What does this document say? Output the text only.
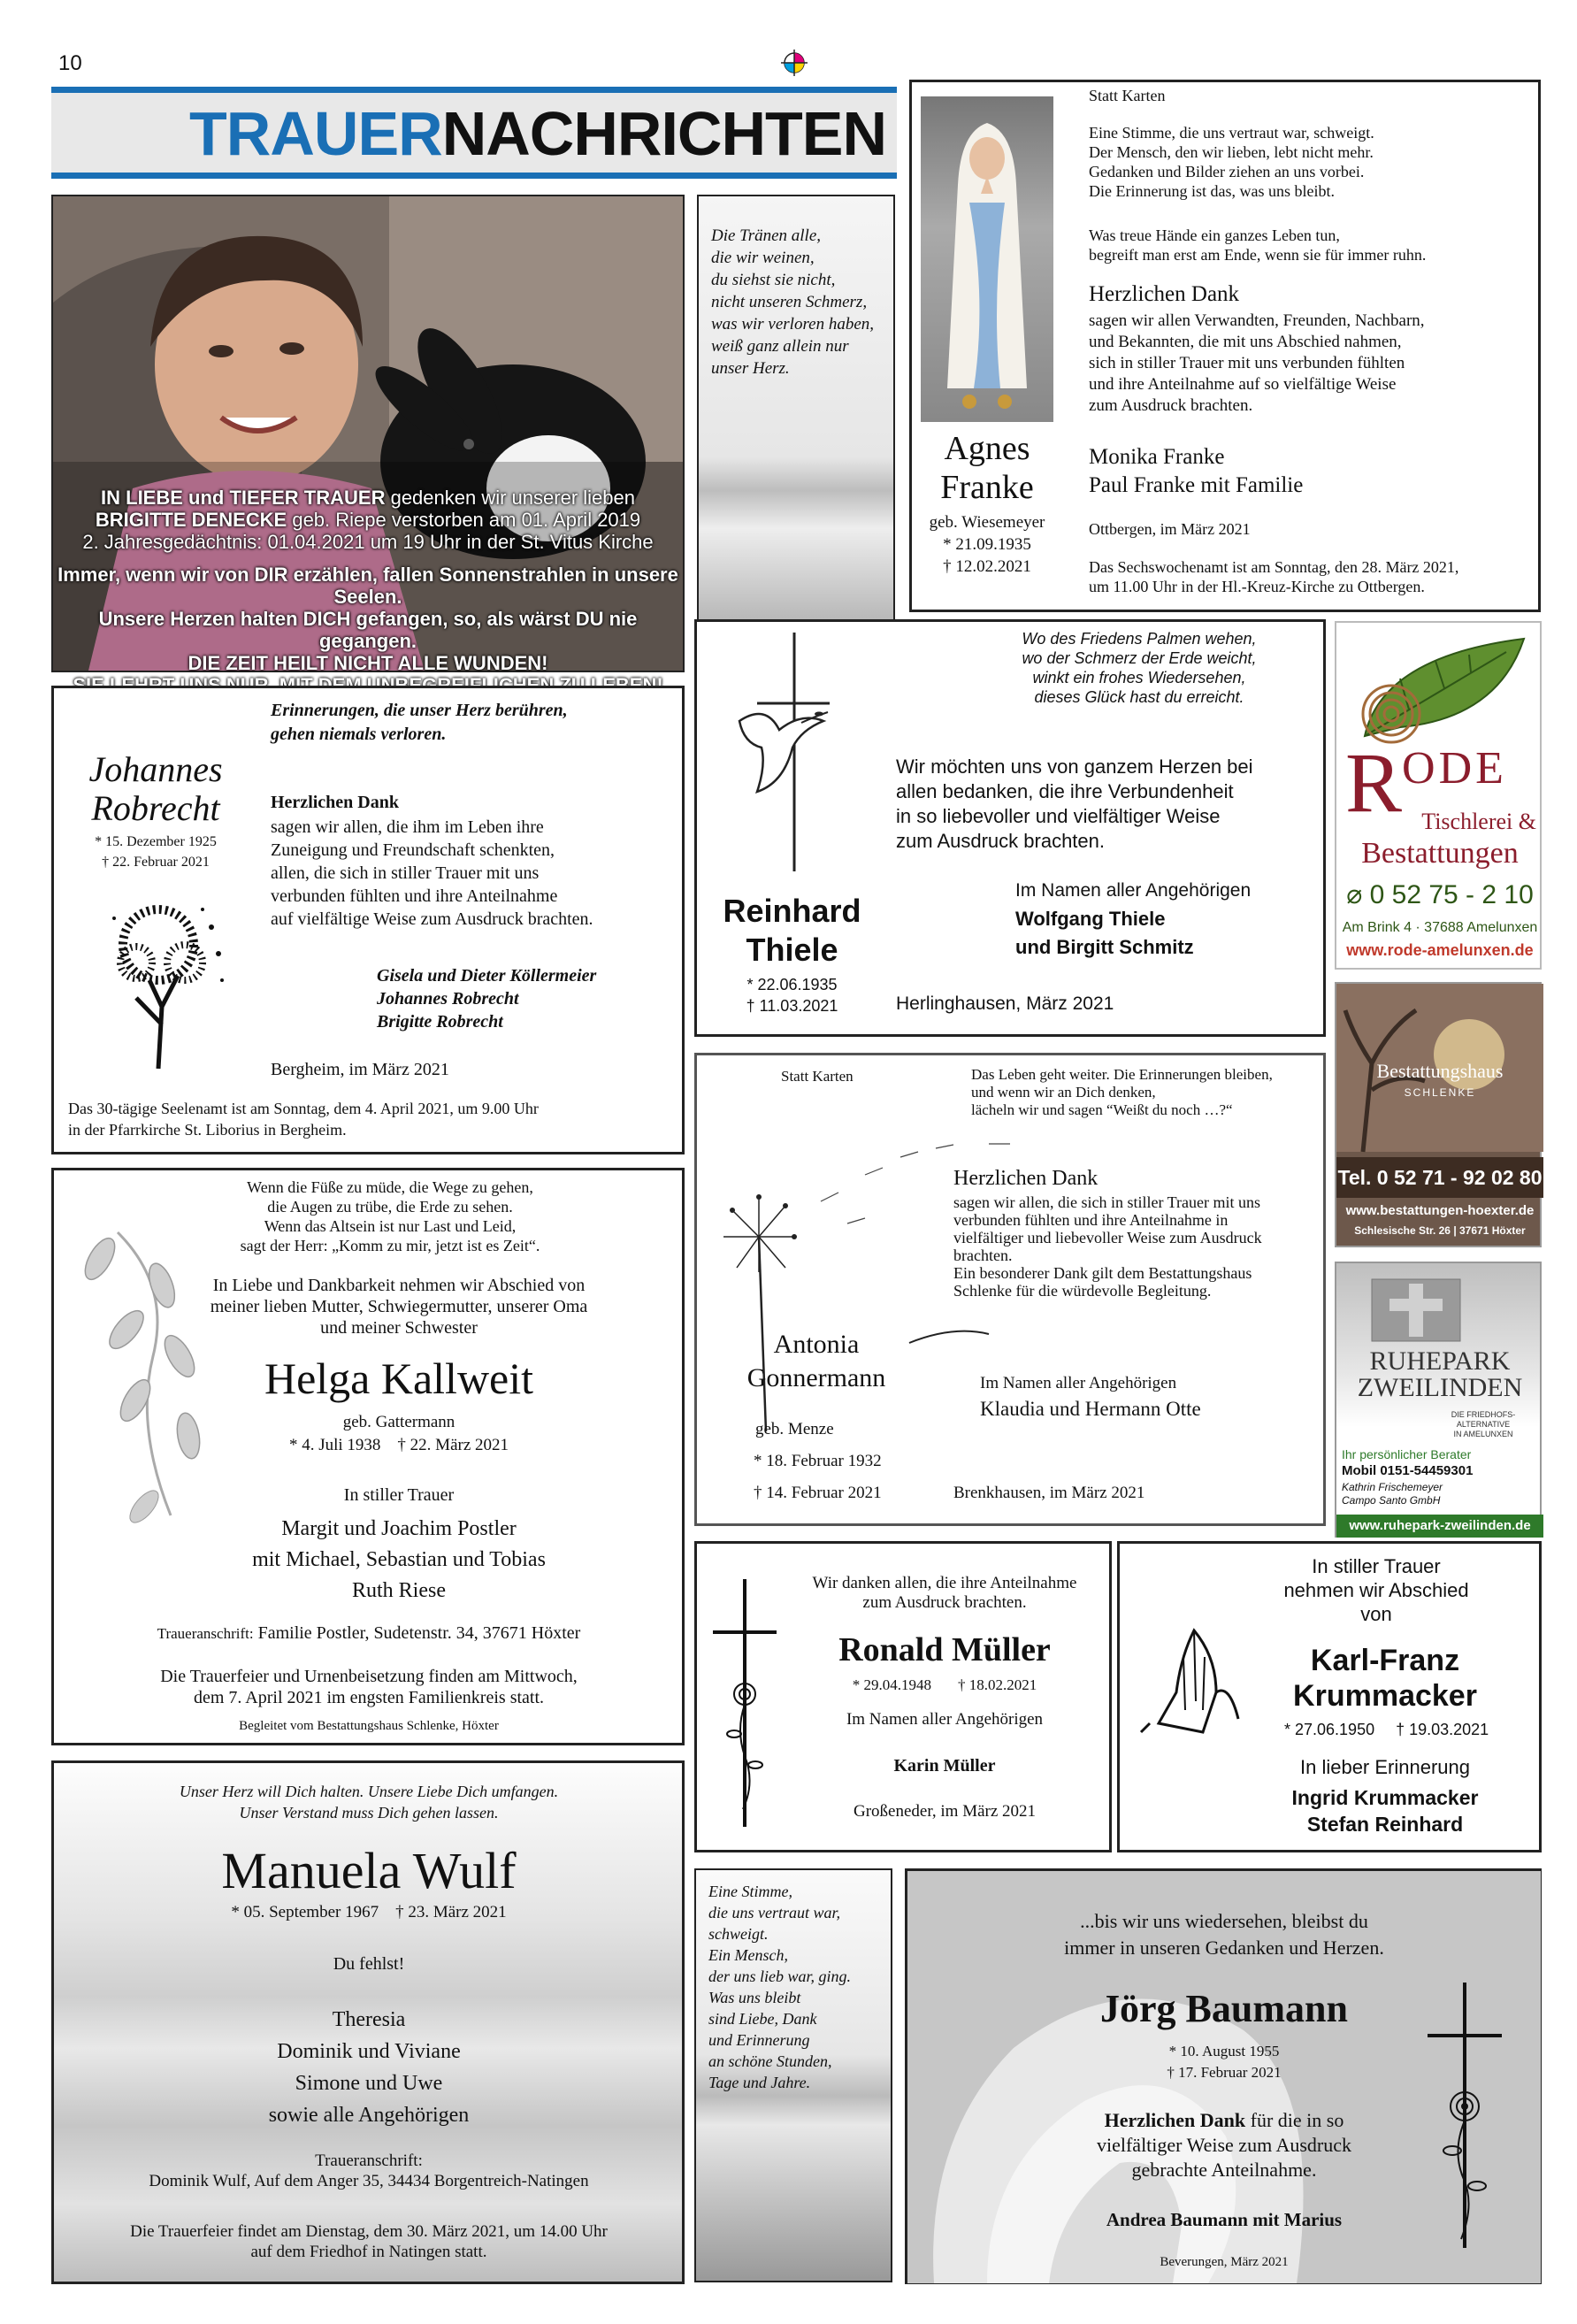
10
TRAUERNACHRICHTEN
IN LIEBE und TIEFER TRAUER gedenken wir unserer lieben
BRIGITTE DENECKE geb. Riepe verstorben am 01. April 2019
2. Jahresgedächtnis: 01.04.2021 um 19 Uhr in der St. Vitus Kirche
Immer, wenn wir von DIR erzählen, fallen Sonnenstrahlen in unsere Seelen.
Unsere Herzen halten DICH gefangen, so, als wärst DU nie gegangen.
DIE ZEIT HEILT NICHT ALLE WUNDEN!
Die Tränen alle,
die wir weinen,
du siehst sie nicht,
nicht unseren Schmerz,
was wir verloren haben,
weiß ganz allein nur
unser Herz.
Agnes
Franke
geb. Wiesemeyer
* 21.09.1935
† 12.02.2021
Statt Karten
Eine Stimme, die uns vertraut war, schweigt.
Der Mensch, den wir lieben, lebt nicht mehr.
Gedanken und Bilder ziehen an uns vorbei.
Die Erinnerung ist das, was uns bleibt.
Was treue Hände ein ganzes Leben tun,
begreift man erst am Ende, wenn sie für immer ruhn.
Herzlichen Dank
sagen wir allen Verwandten, Freunden, Nachbarn,
und Bekannten, die mit uns Abschied nahmen,
sich in stiller Trauer mit uns verbunden fühlten
und ihre Anteilnahme auf so vielfältige Weise
zum Ausdruck brachten.
Monika Franke
Paul Franke mit Familie
Ottbergen, im März 2021
Das Sechswochenamt ist am Sonntag, den 28. März 2021,
um 11.00 Uhr in der Hl.-Kreuz-Kirche zu Ottbergen.
Johannes
Robrecht
* 15. Dezember 1925
† 22. Februar 2021
Erinnerungen, die unser Herz berühren,
gehen niemals verloren.
Herzlichen Dank
sagen wir allen, die ihm im Leben ihre
Zuneigung und Freundschaft schenkten,
allen, die sich in stiller Trauer mit uns
verbunden fühlten und ihre Anteilnahme
auf vielfältige Weise zum Ausdruck brachten.
Gisela und Dieter Köllermeier
Johannes Robrecht
Brigitte Robrecht
Bergheim, im März 2021
Das 30-tägige Seelenamt ist am Sonntag, dem 4. April 2021, um 9.00 Uhr
in der Pfarrkirche St. Liborius in Bergheim.
Wenn die Füße zu müde, die Wege zu gehen,
die Augen zu trübe, die Erde zu sehen.
Wenn das Altsein ist nur Last und Leid,
sagt der Herr: „Komm zu mir, jetzt ist es Zeit“.
In Liebe und Dankbarkeit nehmen wir Abschied von
meiner lieben Mutter, Schwiegermutter, unserer Oma
und meiner Schwester
Helga Kallweit
geb. Gattermann
* 4. Juli 1938    † 22. März 2021
In stiller Trauer
Margit und Joachim Postler
mit Michael, Sebastian und Tobias
Ruth Riese
Traueranschrift: Familie Postler, Sudetenstr. 34, 37671 Höxter
Die Trauerfeier und Urnenbeisetzung finden am Mittwoch,
dem 7. April 2021 im engsten Familienkreis statt.
Begleitet vom Bestattungshaus Schlenke, Höxter
Unser Herz will Dich halten. Unsere Liebe Dich umfangen.
Unser Verstand muss Dich gehen lassen.
Manuela Wulf
* 05. September 1967    † 23. März 2021
Du fehlst!
Theresia
Dominik und Viviane
Simone und Uwe
sowie alle Angehörigen
Traueranschrift:
Dominik Wulf, Auf dem Anger 35, 34434 Borgentreich-Natingen
Die Trauerfeier findet am Dienstag, dem 30. März 2021, um 14.00 Uhr
auf dem Friedhof in Natingen statt.
Reinhard
Thiele
* 22.06.1935
† 11.03.2021
Wo des Friedens Palmen wehen,
wo der Schmerz der Erde weicht,
winkt ein frohes Wiedersehen,
dieses Glück hast du erreicht.
Wir möchten uns von ganzem Herzen bei
allen bedanken, die ihre Verbundenheit
in so liebevoller und vielfältiger Weise
zum Ausdruck brachten.
Im Namen aller Angehörigen
Wolfgang Thiele
und Birgitt Schmitz
Herlinghausen, März 2021
RODE
Tischlerei &
Bestattungen
⌀ 0 52 75 - 2 10
Am Brink 4 · 37688 Amelunxen
www.rode-amelunxen.de
Bestattungshaus
SCHLENKE
Tel. 0 52 71 - 92 02 80
www.bestattungen-hoexter.de
Schlesische Str. 26 | 37671 Höxter
RUHEPARK
ZWEILINDEN
DIE FRIEDHOFS-
ALTERNATIVE
IN AMELUNXEN
Ihr persönlicher Berater
Mobil 0151-54459301
Kathrin Frischemeyer
Campo Santo GmbH
www.ruhepark-zweilinden.de
Statt Karten	Das Leben geht weiter. Die Erinnerungen bleiben,
und wenn wir an Dich denken,
lächeln wir und sagen “Weißt du noch …?“
Herzlichen Dank
sagen wir allen, die sich in stiller Trauer mit uns
verbunden fühlten und ihre Anteilnahme in
vielfältiger und liebevoller Weise zum Ausdruck
brachten.
Ein besonderer Dank gilt dem Bestattungshaus
Schlenke für die würdevolle Begleitung.
Antonia
Gonnermann
geb. Menze
* 18. Februar 1932
† 14. Februar 2021
Im Namen aller Angehörigen
Klaudia und Hermann Otte
Brenkhausen, im März 2021
Wir danken allen, die ihre Anteilnahme
zum Ausdruck brachten.
Ronald Müller
* 29.04.1948 † 18.02.2021
Im Namen aller Angehörigen
Karin Müller
Großeneder, im März 2021
In stiller Trauer
nehmen wir Abschied
von
Karl-Franz
Krummacker
* 27.06.1950 † 19.03.2021
In lieber Erinnerung
Ingrid Krummacker
Stefan Reinhard
Eine Stimme,
die uns vertraut war,
schweigt.
Ein Mensch,
der uns lieb war, ging.
Was uns bleibt
sind Liebe, Dank
und Erinnerung
an schöne Stunden,
Tage und Jahre.
...bis wir uns wiedersehen, bleibst du
immer in unseren Gedanken und Herzen.
Jörg Baumann
* 10. August 1955
† 17. Februar 2021
Herzlichen Dank für die in so
vielfältiger Weise zum Ausdruck
gebrachte Anteilnahme.
Andrea Baumann mit Marius
Beverungen, März 2021
